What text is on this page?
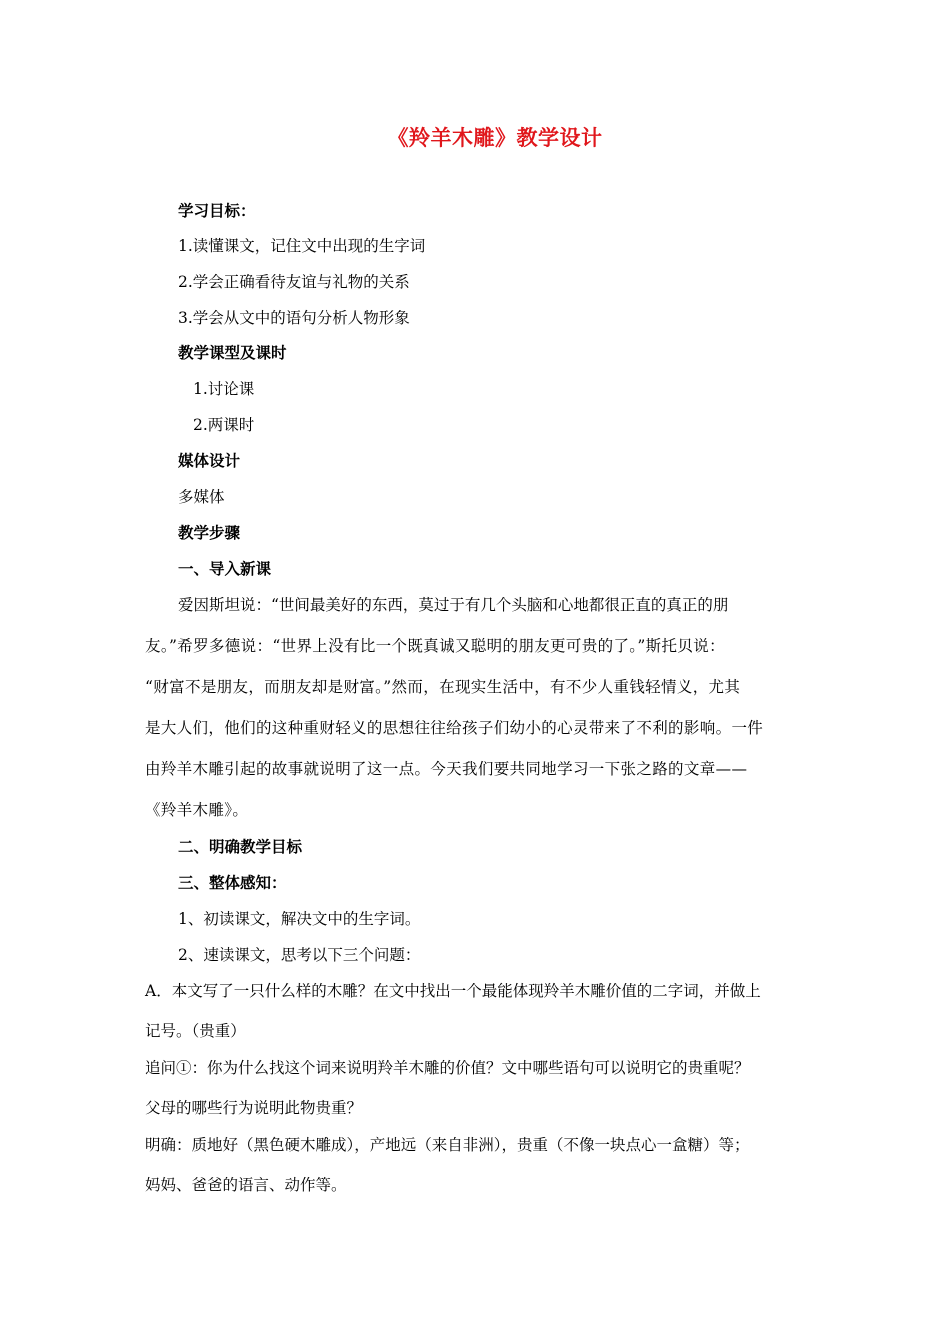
《羚羊木雕》教学设计
学习目标：
1.读懂课文，记住文中出现的生字词
2.学会正确看待友谊与礼物的关系
3.学会从文中的语句分析人物形象
教学课型及课时
1.讨论课
2.两课时
媒体设计
多媒体
教学步骤
一、导入新课
爱因斯坦说：“世间最美好的东西，莫过于有几个头脑和心地都很正直的真正的朋
友。”希罗多德说：“世界上没有比一个既真诚又聪明的朋友更可贵的了。”斯托贝说：
“财富不是朋友，而朋友却是财富。”然而，在现实生活中，有不少人重钱轻情义，尤其
是大人们，他们的这种重财轻义的思想往往给孩子们幼小的心灵带来了不利的影响。一件
由羚羊木雕引起的故事就说明了这一点。今天我们要共同地学习一下张之路的文章——
《羚羊木雕》。
二、明确教学目标
三、整体感知：
1、初读课文，解决文中的生字词。
2、速读课文，思考以下三个问题：
A．本文写了一只什么样的木雕？在文中找出一个最能体现羚羊木雕价值的二字词，并做上
记号。（贵重）
追问①：你为什么找这个词来说明羚羊木雕的价值？文中哪些语句可以说明它的贵重呢？
父母的哪些行为说明此物贵重？
明确：质地好（黑色硬木雕成），产地远（来自非洲），贵重（不像一块点心一盒糖）等；
妈妈、爸爸的语言、动作等。
